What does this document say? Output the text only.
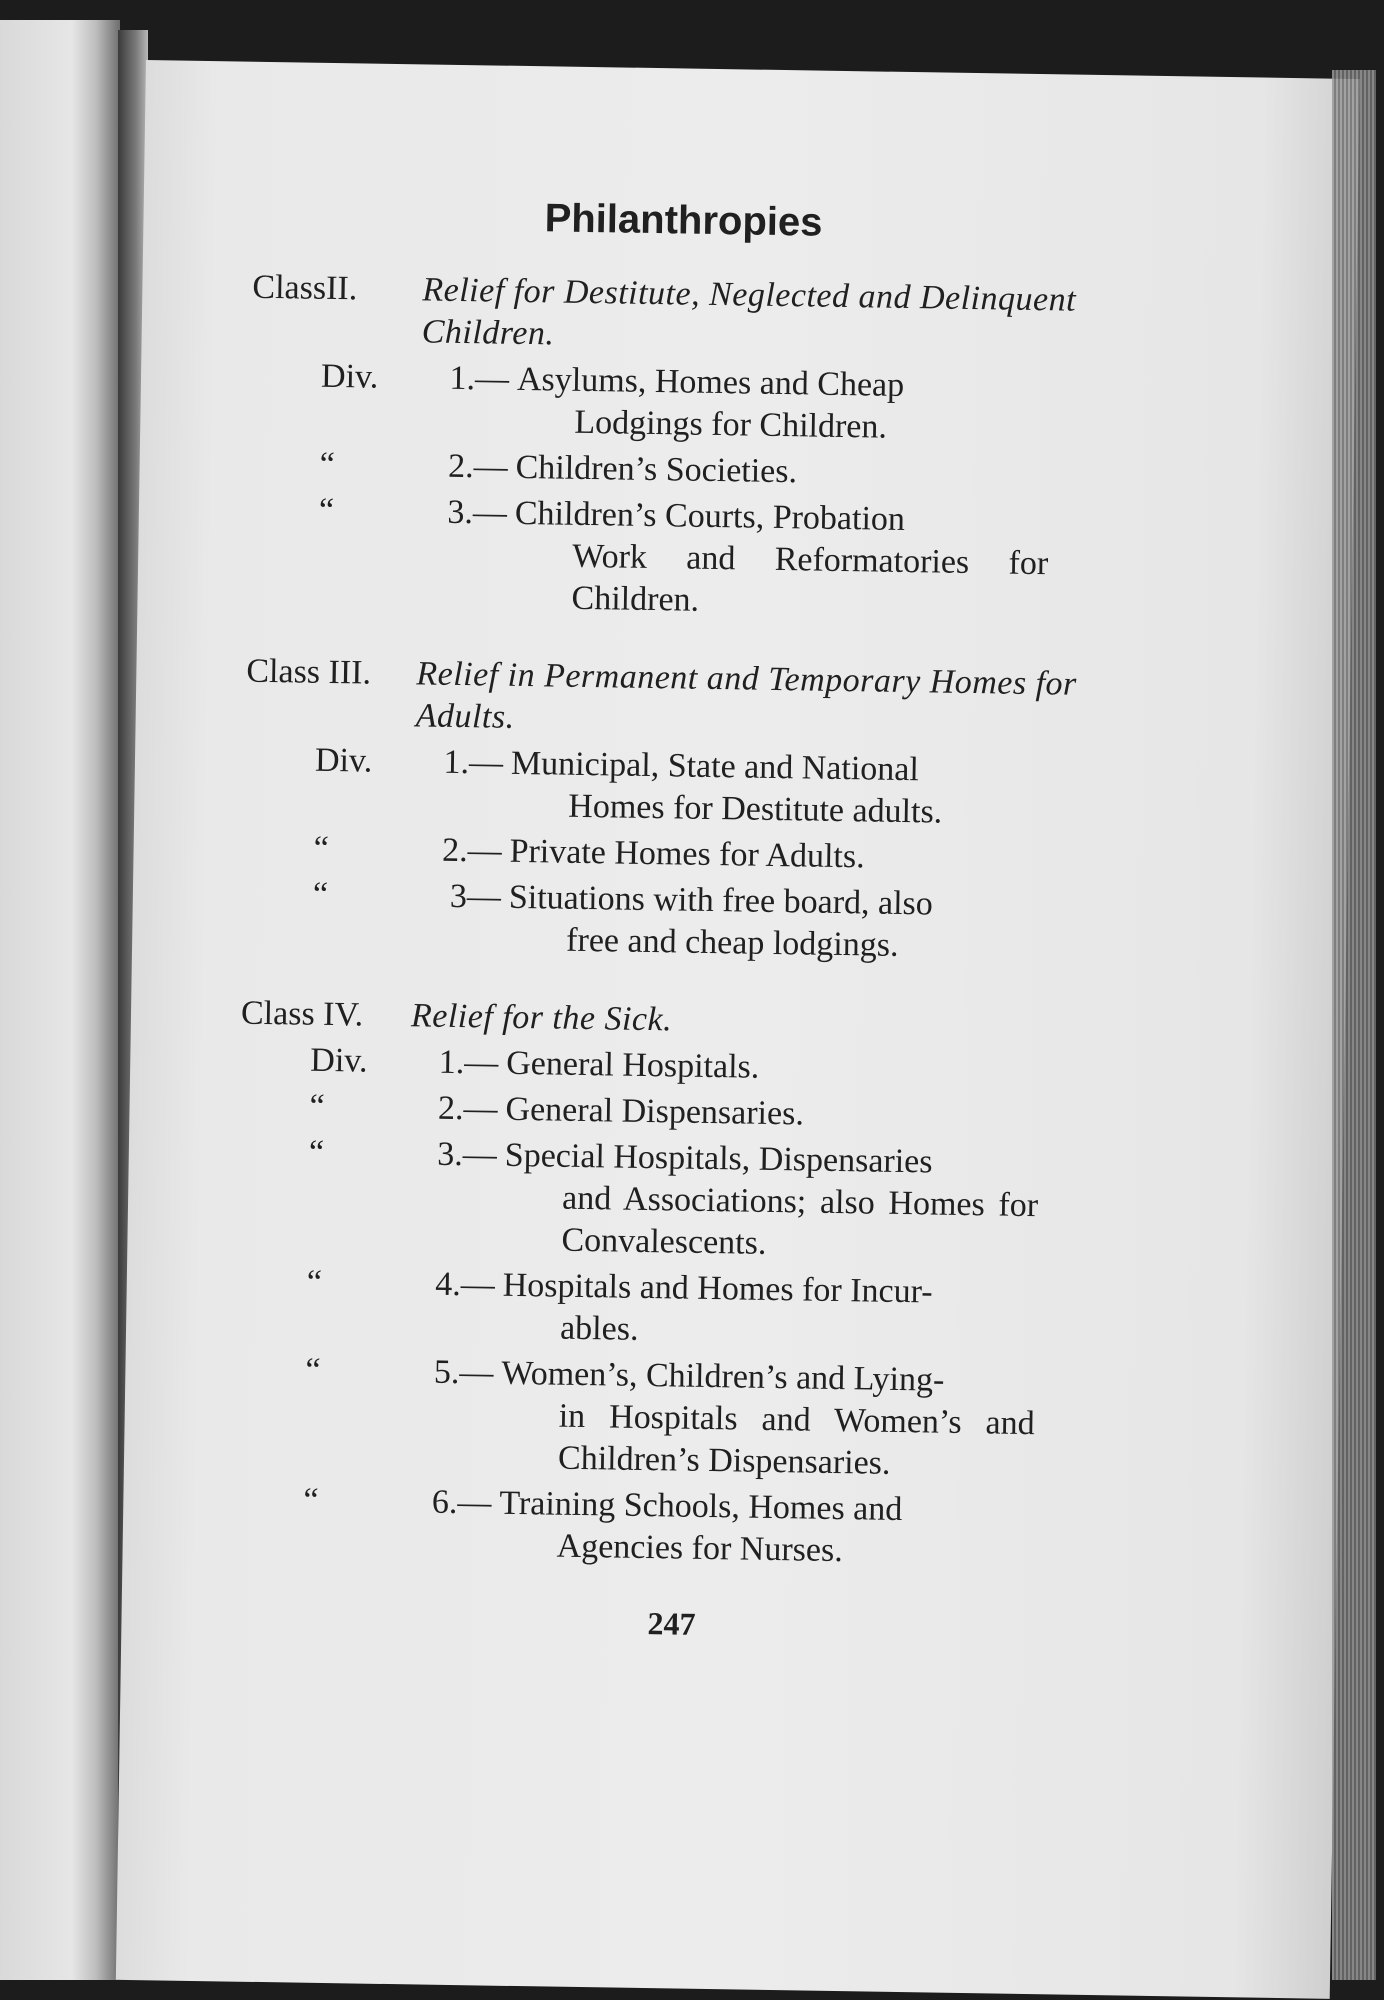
Philanthropies
ClassII. Relief for Destitute, Neglected and Delinquent Children.
Div.	1. — Asylums, Homes and Cheap
Lodgings for Children.
“	2. — Children’s Societies.
“	3. — Children’s Courts, Probation
Work and Reformatories for Children.
Class III. Relief in Permanent and Temporary Homes for Adults.
Div.	1. — Municipal, State and National
Homes for Destitute adults.
“	2. — Private Homes for Adults.
“	3 — Situations with free board, also
free and cheap lodgings.
Class IV. Relief for the Sick.
Div.	1. — General Hospitals.
“	2. — General Dispensaries.
“	3. — Special Hospitals, Dispensaries
and Associations; also Homes for Convalescents.
“	4. — Hospitals and Homes for Incur-
ables.
“	5. — Women’s, Children’s and Lying-
in Hospitals and Women’s and Children’s Dispensaries.
“	6. — Training Schools, Homes and
Agencies for Nurses.
247
